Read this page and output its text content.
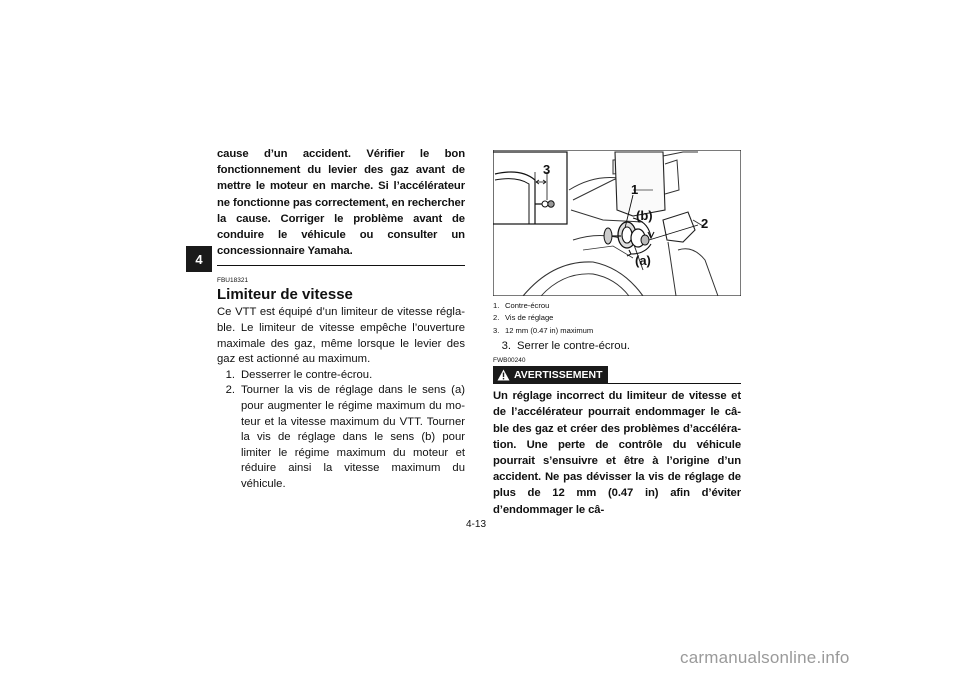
4

cause d’un accident. Vérifier le bon fonctionnement du levier des gaz avant de mettre le moteur en marche. Si l’accélérateur ne fonctionne pas correctement, en rechercher la cause. Corriger le problème avant de conduire le véhicule ou consulter un concessionnaire Yamaha.

FBU18321
Limiteur de vitesse

Ce VTT est équipé d’un limiteur de vitesse réglable. Le limiteur de vitesse empêche l’ouverture maximale des gaz, même lorsque le levier des gaz est actionné au maximum.

1. Desserrer le contre-écrou.
2. Tourner la vis de réglage dans le sens (a) pour augmenter le régime maximum du moteur et la vitesse maximum du VTT. Tourner la vis de réglage dans le sens (b) pour limiter le régime maximum du moteur et réduire ainsi la vitesse maximum du véhicule.
3
1
2
(b)
(a)
1. Contre-écrou
2. Vis de réglage
3. 12 mm (0.47 in) maximum
3. Serrer le contre-écrou.
FWB00240
AVERTISSEMENT

Un réglage incorrect du limiteur de vitesse et de l’accélérateur pourrait endommager le câble des gaz et créer des problèmes d’accélération. Une perte de contrôle du véhicule pourrait s’ensuivre et être à l’origine d’un accident. Ne pas dévisser la vis de réglage de plus de 12 mm (0.47 in) afin d’éviter d’endommager le câ-

4-13
carmanualsonline.info
